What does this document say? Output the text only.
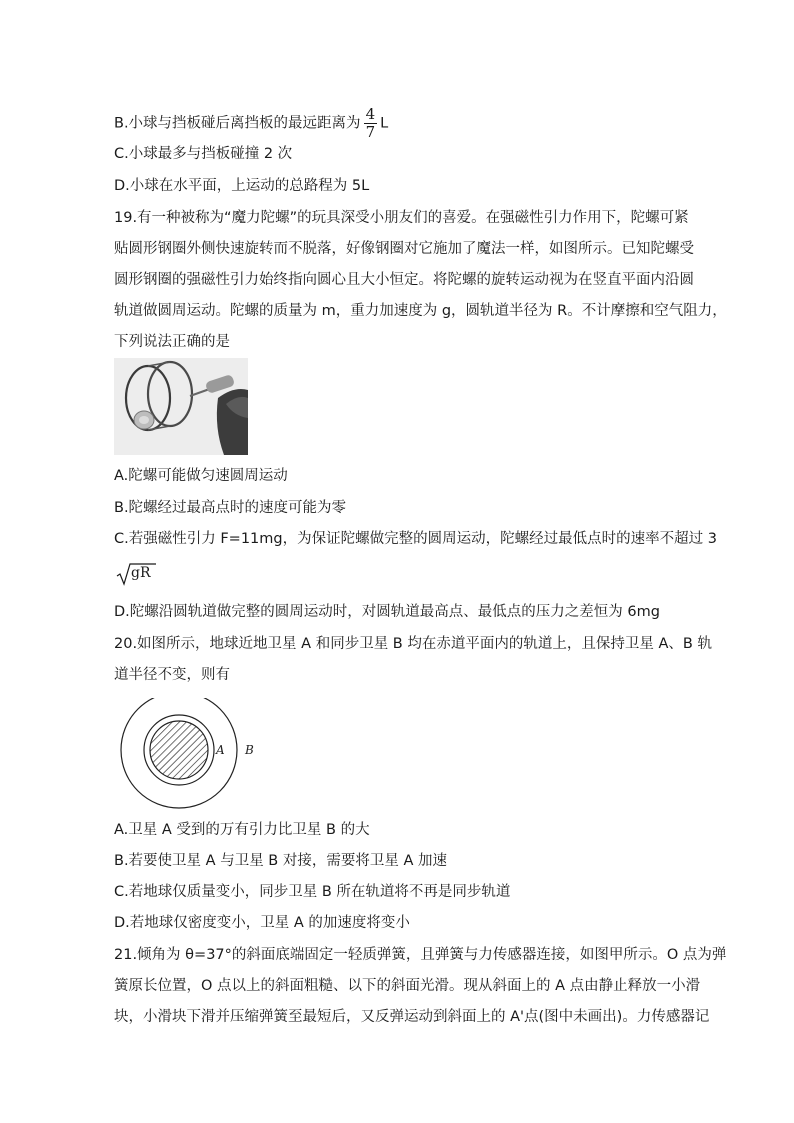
B.小球与挡板碰后离挡板的最远距离为 $\frac{4}{7}$ L
C.小球最多与挡板碰撞 2 次
D.小球在水平面，上运动的总路程为 5L
19.有一种被称为“魔力陀螺”的玩具深受小朋友们的喜爱。在强磁性引力作用下，陀螺可紧
贴圆形钢圈外侧快速旋转而不脱落，好像钢圈对它施加了魔法一样，如图所示。已知陀螺受
圆形钢圈的强磁性引力始终指向圆心且大小恒定。将陀螺的旋转运动视为在竖直平面内沿圆
轨道做圆周运动。陀螺的质量为 m，重力加速度为 g，圆轨道半径为 R。不计摩擦和空气阻力，
下列说法正确的是
A.陀螺可能做匀速圆周运动
B.陀螺经过最高点时的速度可能为零
C.若强磁性引力 F=11mg，为保证陀螺做完整的圆周运动，陀螺经过最低点时的速率不超过 3
gR
D.陀螺沿圆轨道做完整的圆周运动时，对圆轨道最高点、最低点的压力之差恒为 6mg
20.如图所示，地球近地卫星 A 和同步卫星 B 均在赤道平面内的轨道上，且保持卫星 A、B 轨
道半径不变，则有
A B
A.卫星 A 受到的万有引力比卫星 B 的大
B.若要使卫星 A 与卫星 B 对接，需要将卫星 A 加速
C.若地球仅质量变小，同步卫星 B 所在轨道将不再是同步轨道
D.若地球仅密度变小，卫星 A 的加速度将变小
21.倾角为 θ=37°的斜面底端固定一轻质弹簧，且弹簧与力传感器连接，如图甲所示。O 点为弹
簧原长位置，O 点以上的斜面粗糙、以下的斜面光滑。现从斜面上的 A 点由静止释放一小滑
块，小滑块下滑并压缩弹簧至最短后，又反弹运动到斜面上的 A'点(图中未画出)。力传感器记
